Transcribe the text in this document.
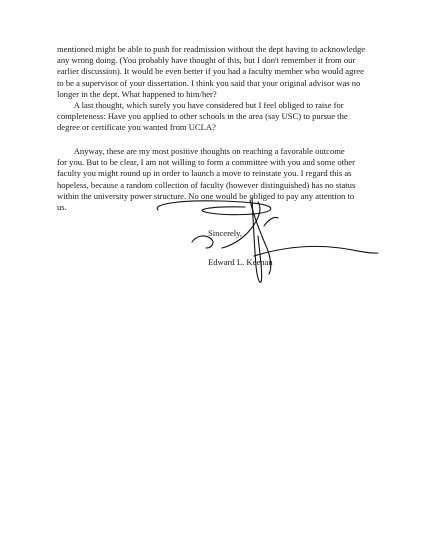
mentioned might be able to push for readmission without the dept having to acknowledge
any wrong doing. (You probably have thought of this, but I don't remember it from our
earlier discussion). It would be even better if you had a faculty member who would agree
to be a supervisor of your dissertation. I think you said that your original advisor was no
longer in the dept. What happened to him/her?

A last thought, which surely you have considered but I feel obliged to raise for
completeness: Have you applied to other schools in the area (say USC) to pursue the
degree or certificate you wanted from UCLA?

Anyway, these are my most positive thoughts on reaching a favorable outcome
for you. But to be clear, I am not willing to form a committee with you and some other
faculty you might round up in order to launch a move to reinstate you. I regard this as
hopeless, because a random collection of faculty (however distinguished) has no status
within the university power structure. No one would be obliged to pay any attention to
us.

Sincerely,

Edward L. Keenan
